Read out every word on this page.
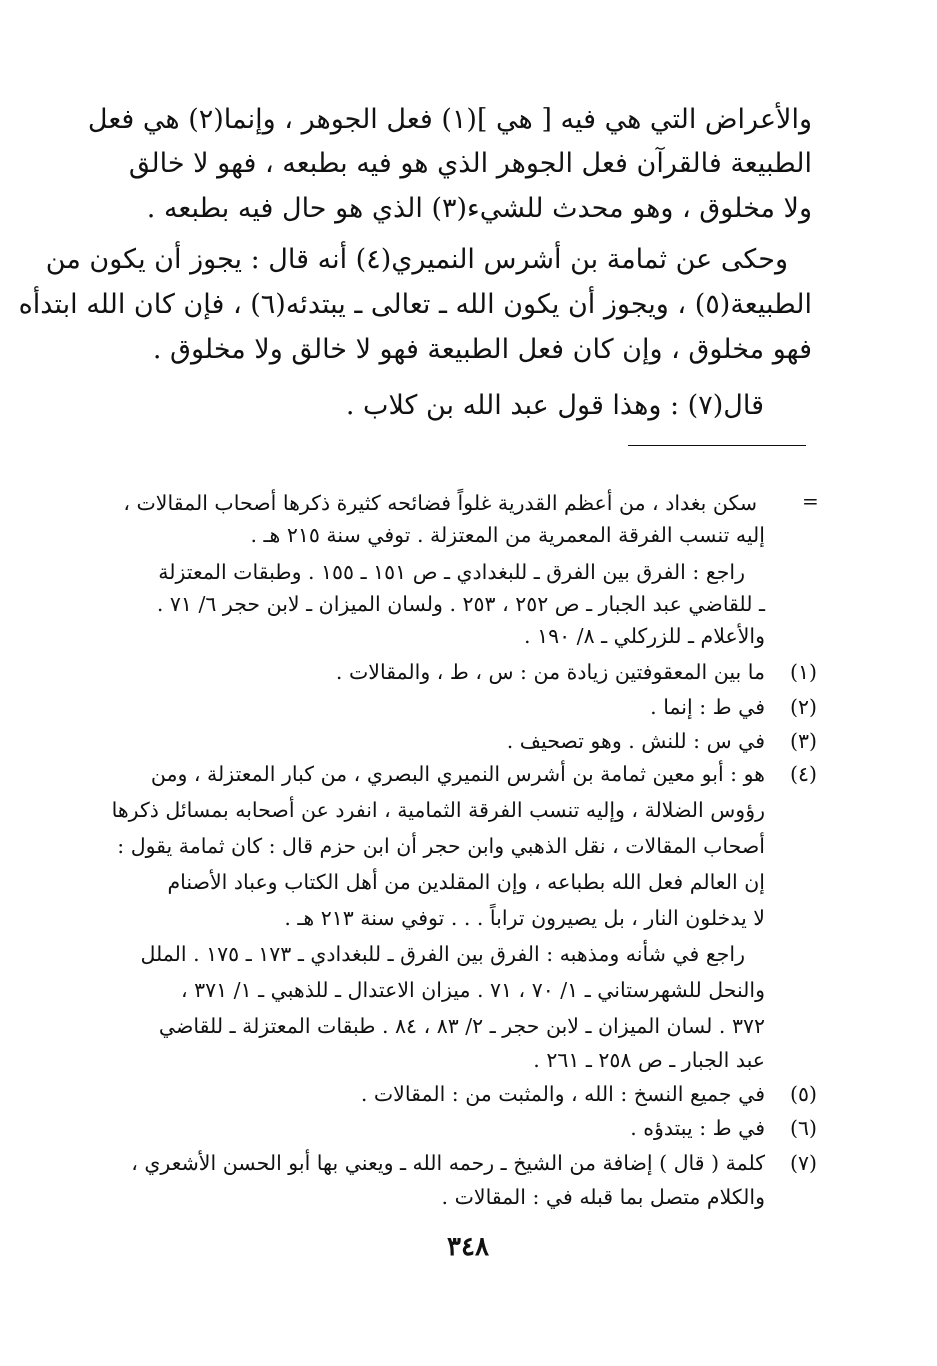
والأعراض التي هي فيه [ هي ](١) فعل الجوهر ، وإنما(٢) هي فعل
الطبيعة فالقرآن فعل الجوهر الذي هو فيه بطبعه ، فهو لا خالق
ولا مخلوق ، وهو محدث للشيء(٣) الذي هو حال فيه بطبعه .
وحكى عن ثمامة بن أشرس النميري(٤) أنه قال : يجوز أن يكون من
الطبيعة(٥) ، ويجوز أن يكون الله ـ تعالى ـ يبتدئه(٦) ، فإن كان الله ابتدأه
فهو مخلوق ، وإن كان فعل الطبيعة فهو لا خالق ولا مخلوق .
قال(٧) : وهذا قول عبد الله بن كلاب .
=
سكن بغداد ، من أعظم القدرية غلواً فضائحه كثيرة ذكرها أصحاب المقالات ،
إليه تنسب الفرقة المعمرية من المعتزلة . توفي سنة ٢١٥ هـ .
راجع : الفرق بين الفرق ـ للبغدادي ـ ص ١٥١ ـ ١٥٥ . وطبقات المعتزلة
ـ للقاضي عبد الجبار ـ ص ٢٥٢ ، ٢٥٣ . ولسان الميزان ـ لابن حجر ٦/ ٧١ .
والأعلام ـ للزركلي ـ ٨/ ١٩٠ .
(١)
ما بين المعقوفتين زيادة من : س ، ط ، والمقالات .
(٢)
في ط : إنما .
(٣)
في س : للنش . وهو تصحيف .
(٤)
هو : أبو معين ثمامة بن أشرس النميري البصري ، من كبار المعتزلة ، ومن
رؤوس الضلالة ، وإليه تنسب الفرقة الثمامية ، انفرد عن أصحابه بمسائل ذكرها
أصحاب المقالات ، نقل الذهبي وابن حجر أن ابن حزم قال : كان ثمامة يقول :
إن العالم فعل الله بطباعه ، وإن المقلدين من أهل الكتاب وعباد الأصنام
لا يدخلون النار ، بل يصيرون تراباً . . . توفي سنة ٢١٣ هـ .
راجع في شأنه ومذهبه : الفرق بين الفرق ـ للبغدادي ـ ١٧٣ ـ ١٧٥ . الملل
والنحل للشهرستاني ـ ١/ ٧٠ ، ٧١ . ميزان الاعتدال ـ للذهبي ـ ١/ ٣٧١ ،
٣٧٢ . لسان الميزان ـ لابن حجر ـ ٢/ ٨٣ ، ٨٤ . طبقات المعتزلة ـ للقاضي
عبد الجبار ـ ص ٢٥٨ ـ ٢٦١ .
(٥)
في جميع النسخ : الله ، والمثبت من : المقالات .
(٦)
في ط : يبتدؤه .
(٧)
كلمة ( قال ) إضافة من الشيخ ـ رحمه الله ـ ويعني بها أبو الحسن الأشعري ،
والكلام متصل بما قبله في : المقالات .
٣٤٨
